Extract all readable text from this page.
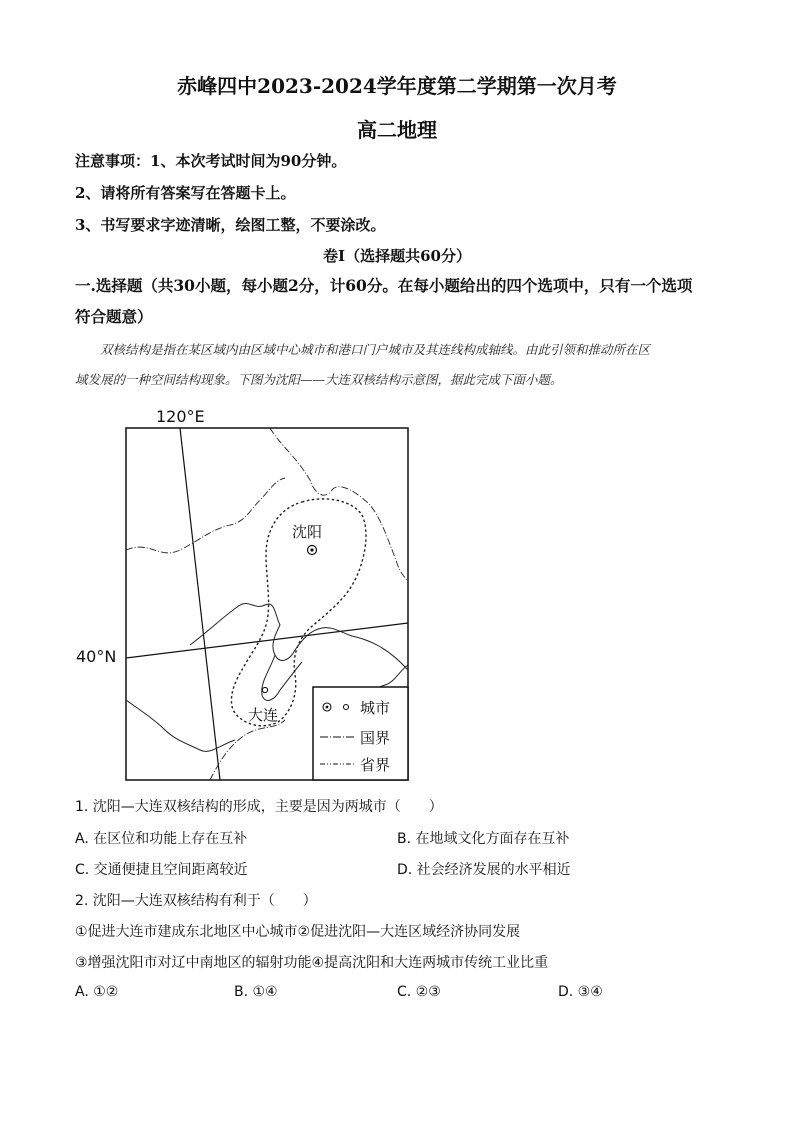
赤峰四中2023-2024学年度第二学期第一次月考
高二地理
注意事项：1、本次考试时间为90分钟。
2、请将所有答案写在答题卡上。
3、书写要求字迹清晰，绘图工整，不要涂改。
卷Ⅰ（选择题共60分）
一.选择题（共30小题，每小题2分，计60分。在每小题给出的四个选项中，只有一个选项
符合题意）
双核结构是指在某区域内由区域中心城市和港口门户城市及其连线构成轴线。由此引领和推动所在区
域发展的一种空间结构现象。下图为沈阳——大连双核结构示意图，据此完成下面小题。
沈阳
大连
120°E
40°N
城市
国界
省界
1. 沈阳—大连双核结构的形成，主要是因为两城市（　　）
A. 在区位和功能上存在互补	B. 在地域文化方面存在互补
C. 交通便捷且空间距离较近	D. 社会经济发展的水平相近
2. 沈阳—大连双核结构有利于（　　）
①促进大连市建成东北地区中心城市②促进沈阳—大连区域经济协同发展
③增强沈阳市对辽中南地区的辐射功能④提高沈阳和大连两城市传统工业比重
A. ①②	B. ①④	C. ②③	D. ③④
